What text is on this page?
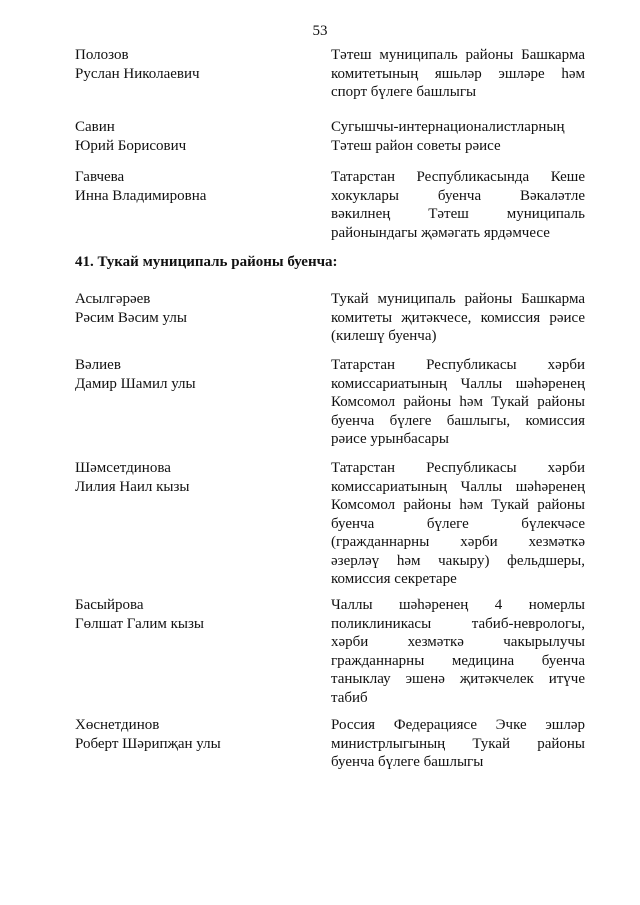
53
Полозов
Руслан Николаевич
Тәтеш муниципаль районы Башкарма
комитетының яшьләр эшләре һәм
спорт бүлеге башлыгы
Савин
Юрий Борисович
Сугышчы-интернационалистларның
Тәтеш район советы рәисе
Гавчева
Инна Владимировна
Татарстан Республикасында Кеше
хокуклары буенча Вәкаләтле
вәкилнең Тәтеш муниципаль
районындагы җәмәгать ярдәмчесе
41. Тукай муниципаль районы буенча:
Асылгәрәев
Рәсим Вәсим улы
Тукай муниципаль районы Башкарма
комитеты җитәкчесе, комиссия рәисе
(килешү буенча)
Вәлиев
Дамир Шамил улы
Татарстан Республикасы хәрби
комиссариатының Чаллы шәһәренең
Комсомол районы һәм Тукай районы
буенча бүлеге башлыгы, комиссия
рәисе урынбасары
Шәмсетдинова
Лилия Наил кызы
Татарстан Республикасы хәрби
комиссариатының Чаллы шәһәренең
Комсомол районы һәм Тукай районы
буенча бүлеге бүлекчәсе
(гражданнарны хәрби хезмәткә
әзерләү һәм чакыру) фельдшеры,
комиссия секретаре
Басыйрова
Гөлшат Галим кызы
Чаллы шәһәренең 4 номерлы
поликлиникасы табиб-неврологы,
хәрби хезмәткә чакырылучы
гражданнарны медицина буенча
таныклау эшенә җитәкчелек итүче
табиб
Хөснетдинов
Роберт Шәрипҗан улы
Россия Федерациясе Эчке эшләр
министрлыгының Тукай районы
буенча бүлеге башлыгы
